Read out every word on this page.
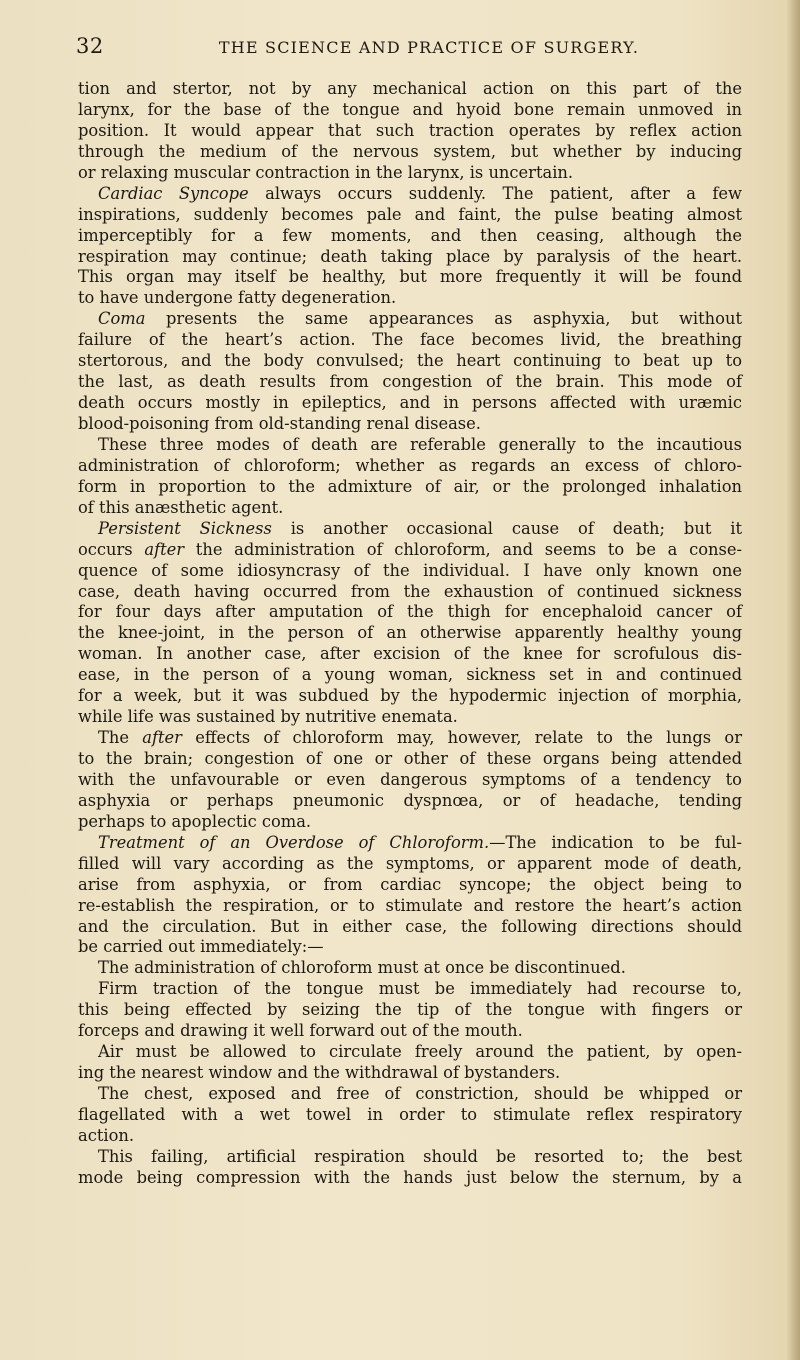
32	THE SCIENCE AND PRACTICE OF SURGERY.
tion and stertor, not by any mechanical action on this part of the
larynx, for the base of the tongue and hyoid bone remain unmoved in
position. It would appear that such traction operates by reflex action
through the medium of the nervous system, but whether by inducing
or relaxing muscular contraction in the larynx, is uncertain.
Cardiac Syncope always occurs suddenly. The patient, after a few
inspirations, suddenly becomes pale and faint, the pulse beating almost
imperceptibly for a few moments, and then ceasing, although the
respiration may continue; death taking place by paralysis of the heart.
This organ may itself be healthy, but more frequently it will be found
to have undergone fatty degeneration.
Coma presents the same appearances as asphyxia, but without
failure of the heart’s action. The face becomes livid, the breathing
stertorous, and the body convulsed; the heart continuing to beat up to
the last, as death results from congestion of the brain. This mode of
death occurs mostly in epileptics, and in persons affected with uræmic
blood-poisoning from old-standing renal disease.
These three modes of death are referable generally to the incautious
administration of chloroform; whether as regards an excess of chloro-
form in proportion to the admixture of air, or the prolonged inhalation
of this anæsthetic agent.
Persistent Sickness is another occasional cause of death; but it
occurs after the administration of chloroform, and seems to be a conse-
quence of some idiosyncrasy of the individual. I have only known one
case, death having occurred from the exhaustion of continued sickness
for four days after amputation of the thigh for encephaloid cancer of
the knee-joint, in the person of an otherwise apparently healthy young
woman. In another case, after excision of the knee for scrofulous dis-
ease, in the person of a young woman, sickness set in and continued
for a week, but it was subdued by the hypodermic injection of morphia,
while life was sustained by nutritive enemata.
The after effects of chloroform may, however, relate to the lungs or
to the brain; congestion of one or other of these organs being attended
with the unfavourable or even dangerous symptoms of a tendency to
asphyxia or perhaps pneumonic dyspnœa, or of headache, tending
perhaps to apoplectic coma.
Treatment of an Overdose of Chloroform.—The indication to be ful-
filled will vary according as the symptoms, or apparent mode of death,
arise from asphyxia, or from cardiac syncope; the object being to
re-establish the respiration, or to stimulate and restore the heart’s action
and the circulation. But in either case, the following directions should
be carried out immediately:—
The administration of chloroform must at once be discontinued.
Firm traction of the tongue must be immediately had recourse to,
this being effected by seizing the tip of the tongue with fingers or
forceps and drawing it well forward out of the mouth.
Air must be allowed to circulate freely around the patient, by open-
ing the nearest window and the withdrawal of bystanders.
The chest, exposed and free of constriction, should be whipped or
flagellated with a wet towel in order to stimulate reflex respiratory
action.
This failing, artificial respiration should be resorted to; the best
mode being compression with the hands just below the sternum, by a
